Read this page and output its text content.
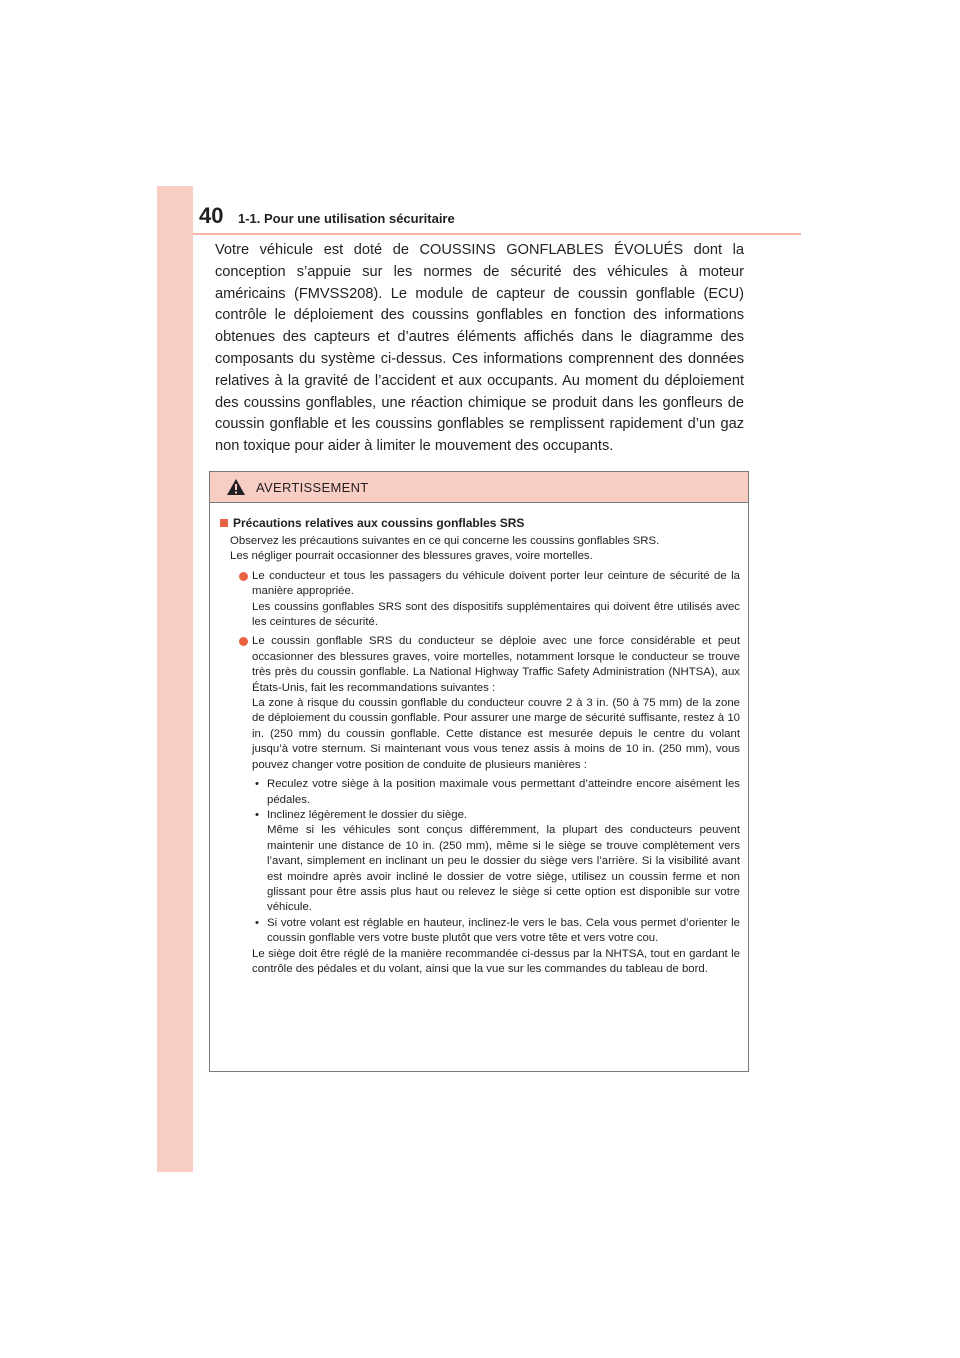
40 1-1. Pour une utilisation sécuritaire

Votre véhicule est doté de COUSSINS GONFLABLES ÉVOLUÉS dont la conception s’appuie sur les normes de sécurité des véhicules à moteur américains (FMVSS208). Le module de capteur de coussin gonflable (ECU) contrôle le déploiement des coussins gonflables en fonction des informations obtenues des capteurs et d’autres éléments affichés dans le diagramme des composants du système ci-dessus. Ces informations comprennent des données relatives à la gravité de l’accident et aux occupants. Au moment du déploiement des coussins gonflables, une réaction chimique se produit dans les gonfleurs de coussin gonflable et les coussins gonflables se remplissent rapidement d’un gaz non toxique pour aider à limiter le mouvement des occupants.

AVERTISSEMENT
Précautions relatives aux coussins gonflables SRS
Observez les précautions suivantes en ce qui concerne les coussins gonflables SRS.
Les négliger pourrait occasionner des blessures graves, voire mortelles.

Le conducteur et tous les passagers du véhicule doivent porter leur ceinture de sécurité de la manière appropriée.

Les coussins gonflables SRS sont des dispositifs supplémentaires qui doivent être utilisés avec les ceintures de sécurité.

Le coussin gonflable SRS du conducteur se déploie avec une force considérable et peut occasionner des blessures graves, voire mortelles, notamment lorsque le conducteur se trouve très près du coussin gonflable. La National Highway Traffic Safety Administration (NHTSA), aux États-Unis, fait les recommandations suivantes :

La zone à risque du coussin gonflable du conducteur couvre 2 à 3 in. (50 à 75 mm) de la zone de déploiement du coussin gonflable. Pour assurer une marge de sécurité suffisante, restez à 10 in. (250 mm) du coussin gonflable. Cette distance est mesurée depuis le centre du volant jusqu’à votre sternum. Si maintenant vous vous tenez assis à moins de 10 in. (250 mm), vous pouvez changer votre position de conduite de plusieurs manières :

• Reculez votre siège à la position maximale vous permettant d’atteindre encore aisément les pédales.
• Inclinez légèrement le dossier du siège.
Même si les véhicules sont conçus différemment, la plupart des conducteurs peuvent maintenir une distance de 10 in. (250 mm), même si le siège se trouve complètement vers l’avant, simplement en inclinant un peu le dossier du siège vers l’arrière. Si la visibilité avant est moindre après avoir incliné le dossier de votre siège, utilisez un coussin ferme et non glissant pour être assis plus haut ou relevez le siège si cette option est disponible sur votre véhicule.
• Si votre volant est réglable en hauteur, inclinez-le vers le bas. Cela vous permet d’orienter le coussin gonflable vers votre buste plutôt que vers votre tête et vers votre cou.

Le siège doit être réglé de la manière recommandée ci-dessus par la NHTSA, tout en gardant le contrôle des pédales et du volant, ainsi que la vue sur les commandes du tableau de bord.
